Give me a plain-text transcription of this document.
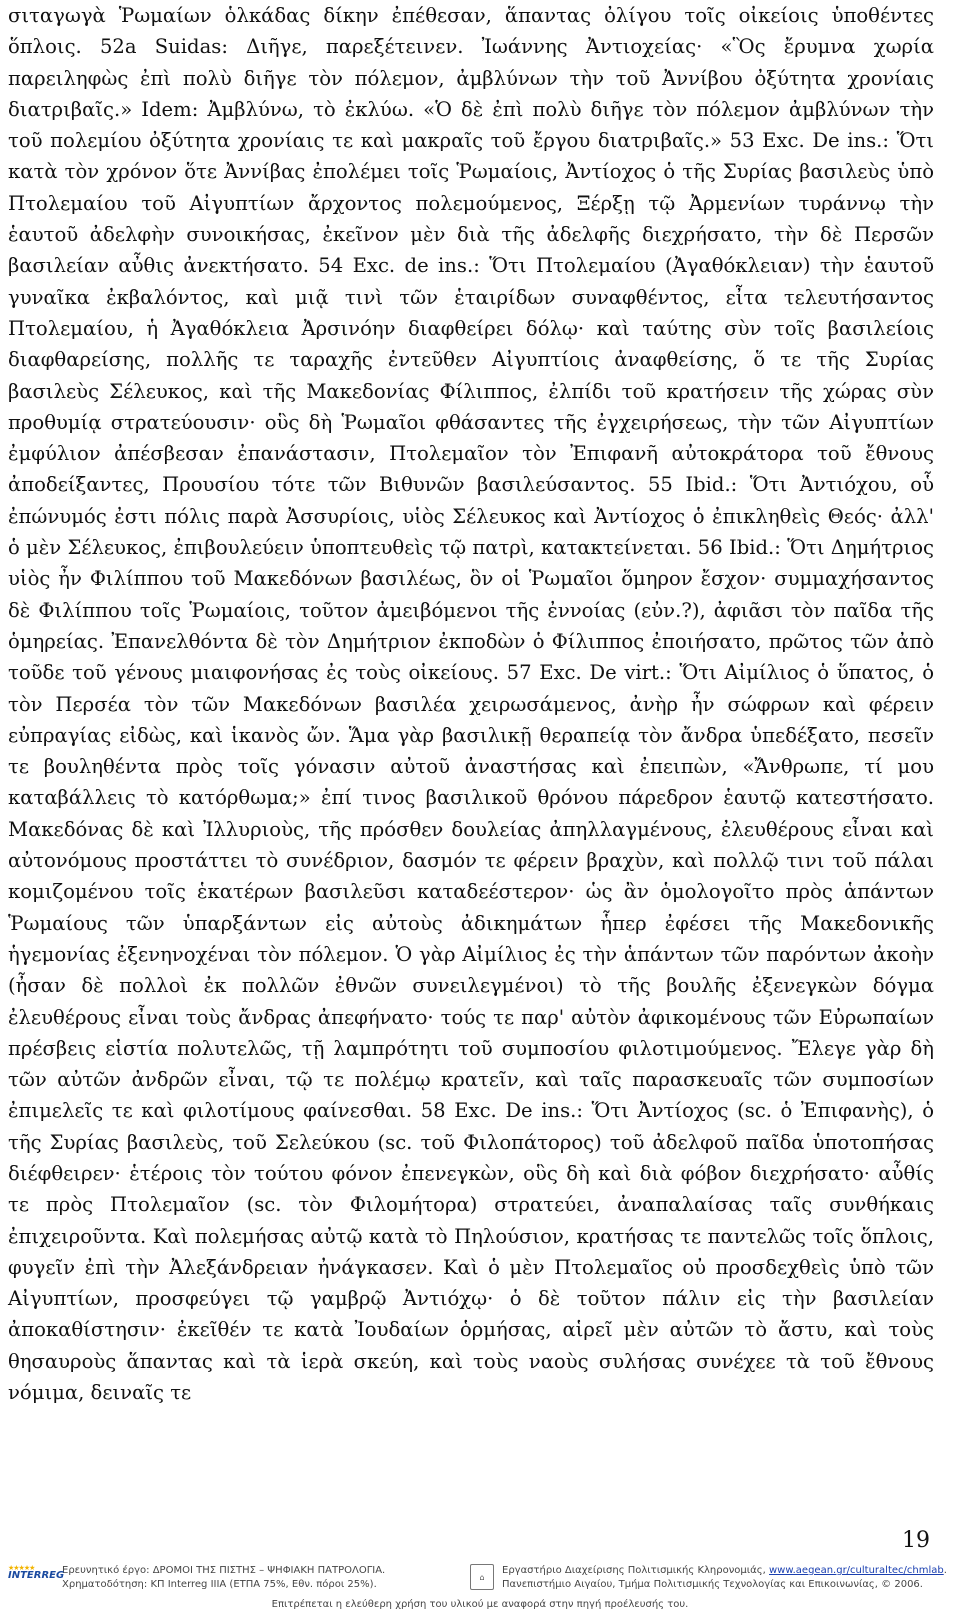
σιταγωγὰ Ῥωμαίων ὁλκάδας δίκην ἐπέθεσαν, ἅπαντας ὀλίγου τοῖς οἰκείοις ὑποθέντες ὅπλοις. 52a Suidas: Διῆγε, παρεξέτεινεν. Ἰωάννης Ἀντιοχείας· «Ὃς ἔρυμνα χωρία παρειληφὼς ἐπὶ πολὺ διῆγε τὸν πόλεμον, ἀμβλύνων τὴν τοῦ Ἀννίβου ὀξύτητα χρονίαις διατριβαῖς.» Idem: Ἀμβλύνω, τὸ ἐκλύω. «Ὁ δὲ ἐπὶ πολὺ διῆγε τὸν πόλεμον ἀμβλύνων τὴν τοῦ πολεμίου ὀξύτητα χρονίαις τε καὶ μακραῖς τοῦ ἔργου διατριβαῖς.» 53 Exc. De ins.: Ὅτι κατὰ τὸν χρόνον ὅτε Ἀννίβας ἐπολέμει τοῖς Ῥωμαίοις, Ἀντίοχος ὁ τῆς Συρίας βασιλεὺς ὑπὸ Πτολεμαίου τοῦ Αἰγυπτίων ἄρχοντος πολεμούμενος, Ξέρξῃ τῷ Ἀρμενίων τυράννῳ τὴν ἑαυτοῦ ἀδελφὴν συνοικήσας, ἐκεῖνον μὲν διὰ τῆς ἀδελφῆς διεχρήσατο, τὴν δὲ Περσῶν βασιλείαν αὖθις ἀνεκτήσατο. 54 Exc. de ins.: Ὅτι Πτολεμαίου (Ἀγαθόκλειαν) τὴν ἑαυτοῦ γυναῖκα ἐκβαλόντος, καὶ μιᾷ τινὶ τῶν ἑταιρίδων συναφθέντος, εἶτα τελευτήσαντος Πτολεμαίου, ἡ Ἀγαθόκλεια Ἀρσινόην διαφθείρει δόλῳ· καὶ ταύτης σὺν τοῖς βασιλείοις διαφθαρείσης, πολλῆς τε ταραχῆς ἐντεῦθεν Αἰγυπτίοις ἀναφθείσης, ὅ τε τῆς Συρίας βασιλεὺς Σέλευκος, καὶ τῆς Μακεδονίας Φίλιππος, ἐλπίδι τοῦ κρατήσειν τῆς χώρας σὺν προθυμίᾳ στρατεύουσιν· οὓς δὴ Ῥωμαῖοι φθάσαντες τῆς ἐγχειρήσεως, τὴν τῶν Αἰγυπτίων ἐμφύλιον ἀπέσβεσαν ἐπανάστασιν, Πτολεμαῖον τὸν Ἐπιφανῆ αὐτοκράτορα τοῦ ἔθνους ἀποδείξαντες, Προυσίου τότε τῶν Βιθυνῶν βασιλεύσαντος. 55 Ibid.: Ὅτι Ἀντιόχου, οὗ ἐπώνυμός ἐστι πόλις παρὰ Ἀσσυρίοις, υἱὸς Σέλευκος καὶ Ἀντίοχος ὁ ἐπικληθεὶς Θεός· ἀλλ' ὁ μὲν Σέλευκος, ἐπιβουλεύειν ὑποπτευθεὶς τῷ πατρὶ, κατακτείνεται. 56 Ibid.: Ὅτι Δημήτριος υἱὸς ἦν Φιλίππου τοῦ Μακεδόνων βασιλέως, ὃν οἱ Ῥωμαῖοι ὅμηρον ἔσχον· συμμαχήσαντος δὲ Φιλίππου τοῖς Ῥωμαίοις, τοῦτον ἀμειβόμενοι τῆς ἐννοίας (εὐν.?), ἀφιᾶσι τὸν παῖδα τῆς ὁμηρείας. Ἐπανελθόντα δὲ τὸν Δημήτριον ἐκποδὼν ὁ Φίλιππος ἐποιήσατο, πρῶτος τῶν ἀπὸ τοῦδε τοῦ γένους μιαιφονήσας ἐς τοὺς οἰκείους. 57 Exc. De virt.: Ὅτι Αἰμίλιος ὁ ὕπατος, ὁ τὸν Περσέα τὸν τῶν Μακεδόνων βασιλέα χειρωσάμενος, ἀνὴρ ἦν σώφρων καὶ φέρειν εὐπραγίας εἰδὼς, καὶ ἱκανὸς ὤν. Ἅμα γὰρ βασιλικῇ θεραπείᾳ τὸν ἄνδρα ὑπεδέξατο, πεσεῖν τε βουληθέντα πρὸς τοῖς γόνασιν αὐτοῦ ἀναστήσας καὶ ἐπειπὼν, «Ἄνθρωπε, τί μου καταβάλλεις τὸ κατόρθωμα;» ἐπί τινος βασιλικοῦ θρόνου πάρεδρον ἑαυτῷ κατεστήσατο. Μακεδόνας δὲ καὶ Ἰλλυριοὺς, τῆς πρόσθεν δουλείας ἀπηλλαγμένους, ἐλευθέρους εἶναι καὶ αὐτονόμους προστάττει τὸ συνέδριον, δασμόν τε φέρειν βραχὺν, καὶ πολλῷ τινι τοῦ πάλαι κομιζομένου τοῖς ἑκατέρων βασιλεῦσι καταδεέστερον· ὡς ἂν ὁμολογοῖτο πρὸς ἁπάντων Ῥωμαίους τῶν ὑπαρξάντων εἰς αὐτοὺς ἀδικημάτων ἧπερ ἐφέσει τῆς Μακεδονικῆς ἡγεμονίας ἐξενηνοχέναι τὸν πόλεμον. Ὁ γὰρ Αἰμίλιος ἐς τὴν ἁπάντων τῶν παρόντων ἀκοὴν (ἦσαν δὲ πολλοὶ ἐκ πολλῶν ἐθνῶν συνειλεγμένοι) τὸ τῆς βουλῆς ἐξενεγκὼν δόγμα ἐλευθέρους εἶναι τοὺς ἄνδρας ἀπεφήνατο· τούς τε παρ' αὐτὸν ἀφικομένους τῶν Εὐρωπαίων πρέσβεις εἱστία πολυτελῶς, τῇ λαμπρότητι τοῦ συμποσίου φιλοτιμούμενος. Ἔλεγε γὰρ δὴ τῶν αὐτῶν ἀνδρῶν εἶναι, τῷ τε πολέμῳ κρατεῖν, καὶ ταῖς παρασκευαῖς τῶν συμποσίων ἐπιμελεῖς τε καὶ φιλοτίμους φαίνεσθαι. 58 Exc. De ins.: Ὅτι Ἀντίοχος (sc. ὁ Ἐπιφανὴς), ὁ τῆς Συρίας βασιλεὺς, τοῦ Σελεύκου (sc. τοῦ Φιλοπάτορος) τοῦ ἀδελφοῦ παῖδα ὑποτοπήσας διέφθειρεν· ἑτέροις τὸν τούτου φόνον ἐπενεγκὼν, οὓς δὴ καὶ διὰ φόβον διεχρήσατο· αὖθίς τε πρὸς Πτολεμαῖον (sc. τὸν Φιλομήτορα) στρατεύει, ἀναπαλαίσας ταῖς συνθήκαις ἐπιχειροῦντα. Καὶ πολεμήσας αὐτῷ κατὰ τὸ Πηλούσιον, κρατήσας τε παντελῶς τοῖς ὅπλοις, φυγεῖν ἐπὶ τὴν Ἀλεξάνδρειαν ἠνάγκασεν. Καὶ ὁ μὲν Πτολεμαῖος οὐ προσδεχθεὶς ὑπὸ τῶν Αἰγυπτίων, προσφεύγει τῷ γαμβρῷ Ἀντιόχῳ· ὁ δὲ τοῦτον πάλιν εἰς τὴν βασιλείαν ἀποκαθίστησιν· ἐκεῖθέν τε κατὰ Ἰουδαίων ὁρμήσας, αἱρεῖ μὲν αὐτῶν τὸ ἄστυ, καὶ τοὺς θησαυροὺς ἅπαντας καὶ τὰ ἱερὰ σκεύη, καὶ τοὺς ναοὺς συλήσας συνέχεε τὰ τοῦ ἔθνους νόμιμα, δειναῖς τε

19
★★★★★
INTERREG
Ερευνητικό έργο: ΔΡΟΜΟΙ ΤΗΣ ΠΙΣΤΗΣ – ΨΗΦΙΑΚΗ ΠΑΤΡΟΛΟΓΙΑ.
Χρηματοδότηση: ΚΠ Interreg IIIA (ΕΤΠΑ 75%, Εθν. πόροι 25%).
⌂
Εργαστήριο Διαχείρισης Πολιτισμικής Κληρονομιάς, www.aegean.gr/culturaltec/chmlab.
Πανεπιστήμιο Αιγαίου, Τμήμα Πολιτισμικής Τεχνολογίας και Επικοινωνίας, © 2006.
Επιτρέπεται η ελεύθερη χρήση του υλικού με αναφορά στην πηγή προέλευσής του.
